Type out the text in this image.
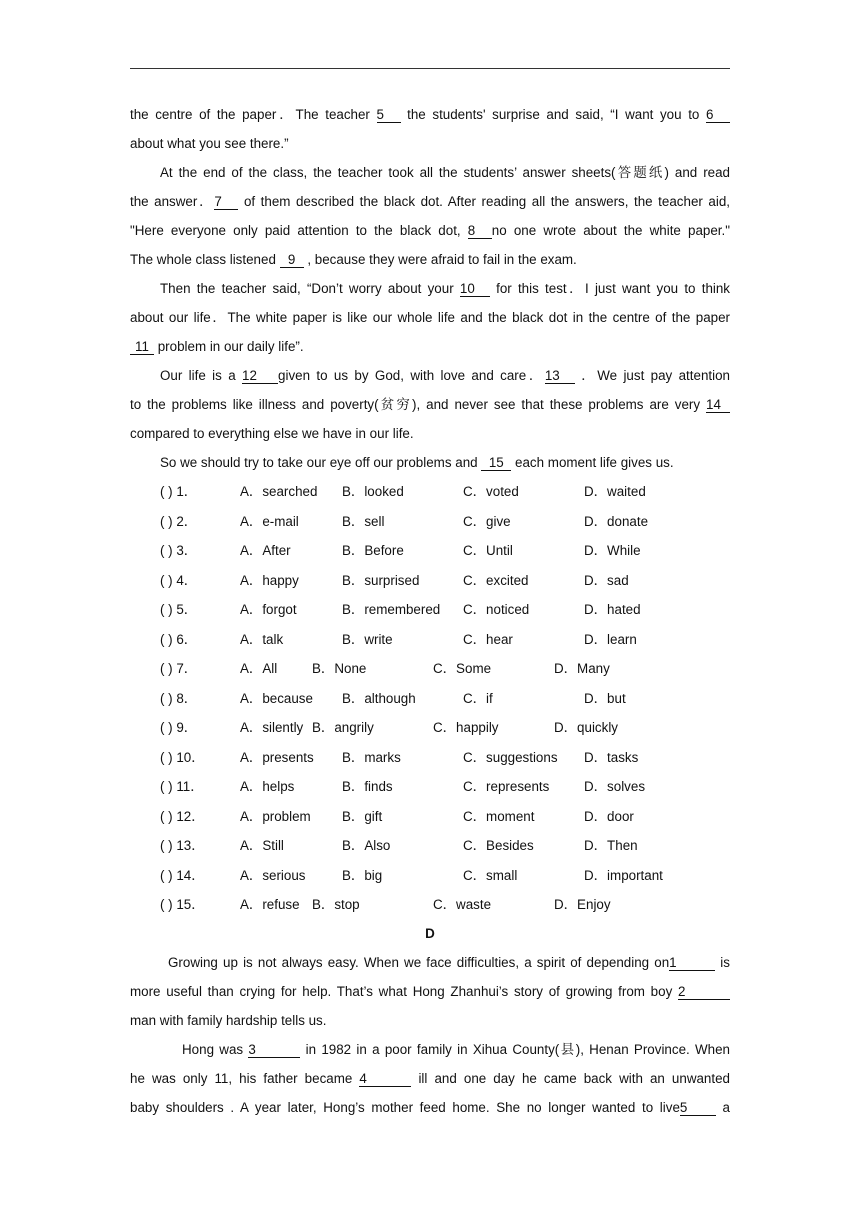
the centre of the paper．The teacher 5 the students' surprise and said, “I want you to 6
about what you see there.”
At the end of the class, the teacher took all the students’ answer sheets(答题纸) and read
the answer．7 of them described the black dot. After reading all the answers, the teacher aid,
"Here everyone only paid attention to the black dot, 8 no one wrote about the white paper."
The whole class listened 9 , because they were afraid to fail in the exam.
Then the teacher said, “Don’t worry about your 10 for this test．I just want you to think
about our life．The white paper is like our whole life and the black dot in the centre of the paper
11 problem in our daily life”.
Our life is a 12 given to us by God, with love and care．13 ．We just pay attention
to the problems like illness and poverty(贫穷), and never see that these problems are very 14
compared to everything else we have in our life.
So we should try to take our eye off our problems and 15 each moment life gives us.
( ) 1．	A．searched	B．looked	C．voted	D．waited
( ) 2．	A．e-mail	B．sell	C．give	D．donate
( ) 3．	A．After	B．Before	C．Until	D．While
( ) 4．	A．happy	B．surprised	C．excited	D．sad
( ) 5．	A．forgot	B．remembered	C．noticed	D．hated
( ) 6．	A．talk	B．write	C．hear	D．learn
( ) 7．	A．All	B．None	C．Some	D．Many
( ) 8．	A．because	B．although	C．if	D．but
( ) 9．	A．silently B．angrily	C．happily	D．quickly
( ) 10．	A．presents	B．marks	C．suggestions	D．tasks
( ) 11．	A．helps	B．finds	C．represents	D．solves
( ) 12．	A．problem	B．gift	C．moment	D．door
( ) 13．	A．Still	B．Also	C．Besides	D．Then
( ) 14．	A．serious	B．big	C．small	D．important
( ) 15．	A．refuse B．stop	C．waste	D．Enjoy
D
Growing up is not always easy. When we face difficulties, a spirit of depending on1	is
more useful than crying for help. That’s what Hong Zhanhui’s story of growing from boy 2
man with family hardship tells us.
Hong was 3	in 1982 in a poor family in Xihua County(县), Henan Province. When
he was only 11, his father became 4	ill and one day he came back with an unwanted
baby shoulders . A year later, Hong’s mother feed home. She no longer wanted to live5 a
